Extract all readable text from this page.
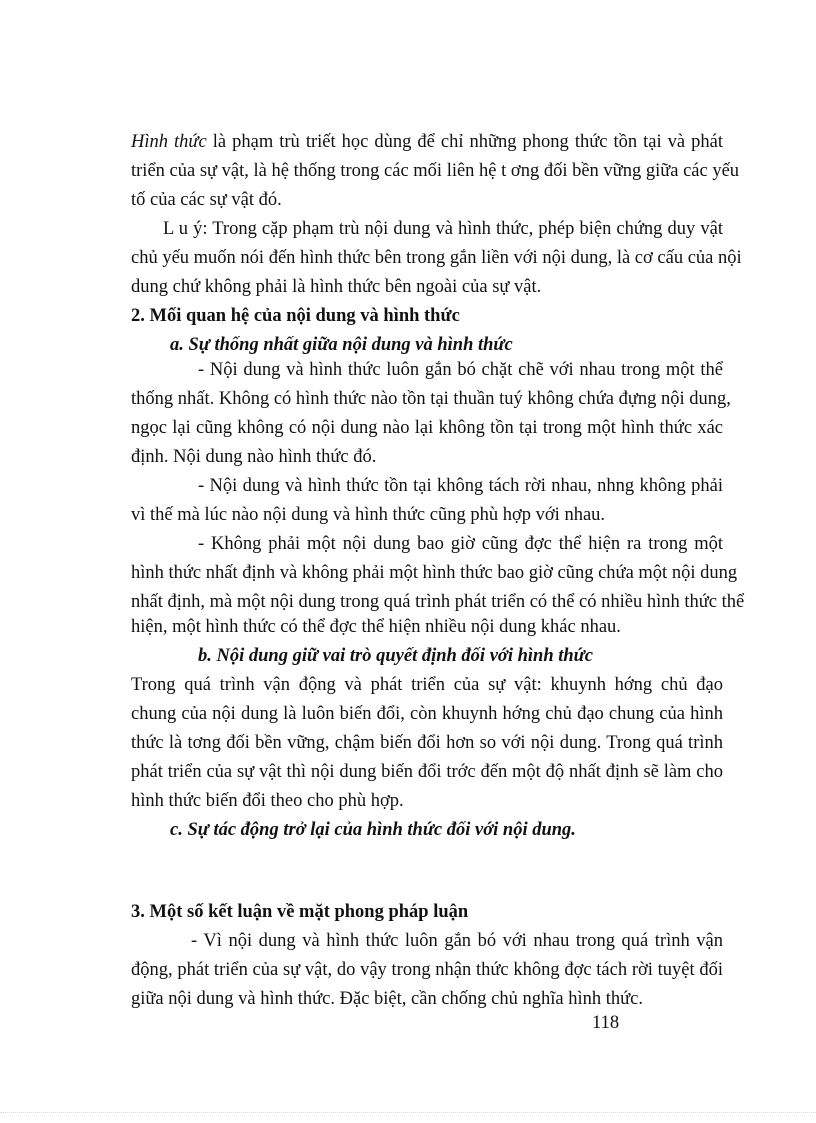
Hình thức là phạm trù triết học dùng để chỉ những phong thức tồn tại và phát
triển của sự vật, là hệ thống trong các mối liên hệ t ơng đối bền vững giữa các yếu
tố của các sự vật đó.
L u ý: Trong cặp phạm trù nội dung và hình thức, phép biện chứng duy vật
chủ yếu muốn nói đến hình thức bên trong gắn liền với nội dung, là cơ cấu của nội
dung chứ không phải là hình thức bên ngoài của sự vật.
2. Mối quan hệ của nội dung và hình thức
a. Sự thống nhất giữa nội dung và hình thức
- Nội dung và hình thức luôn gắn bó chặt chẽ với nhau trong một thể
thống nhất. Không có hình thức nào tồn tại thuần tuý không chứa đựng nội dung,
ngọc lại cũng không có nội dung nào lại không tồn tại trong một hình thức xác
định. Nội dung nào hình thức đó.
- Nội dung và hình thức tồn tại không tách rời nhau, nhng không phải
vì thế mà lúc nào nội dung và hình thức cũng phù hợp với nhau.
- Không phải một nội dung bao giờ cũng đợc thể hiện ra trong một
hình thức nhất định và không phải một hình thức bao giờ cũng chứa một nội dung
nhất định, mà một nội dung trong quá trình phát triển có thể có nhiều hình thức thể
hiện, một hình thức có thể đợc thể hiện nhiều nội dung khác nhau.
b. Nội dung giữ vai trò quyết định đối với hình thức
Trong quá trình vận động và phát triển của sự vật: khuynh hớng chủ đạo
chung của nội dung là luôn biến đổi, còn khuynh hớng chủ đạo chung của hình
thức là tơng đối bền vững, chậm biến đổi hơn so với nội dung. Trong quá trình
phát triển của sự vật thì nội dung biến đổi trớc đến một độ nhất định sẽ làm cho
hình thức biến đổi theo cho phù hợp.
c. Sự tác động trở lại của hình thức đối với nội dung.
3. Một số kết luận về mặt phong pháp luận
- Vì nội dung và hình thức luôn gắn bó với nhau trong quá trình vận
động, phát triển của sự vật, do vậy trong nhận thức không đợc tách rời tuyệt đối
giữa nội dung và hình thức. Đặc biệt, cần chống chủ nghĩa hình thức.
118
